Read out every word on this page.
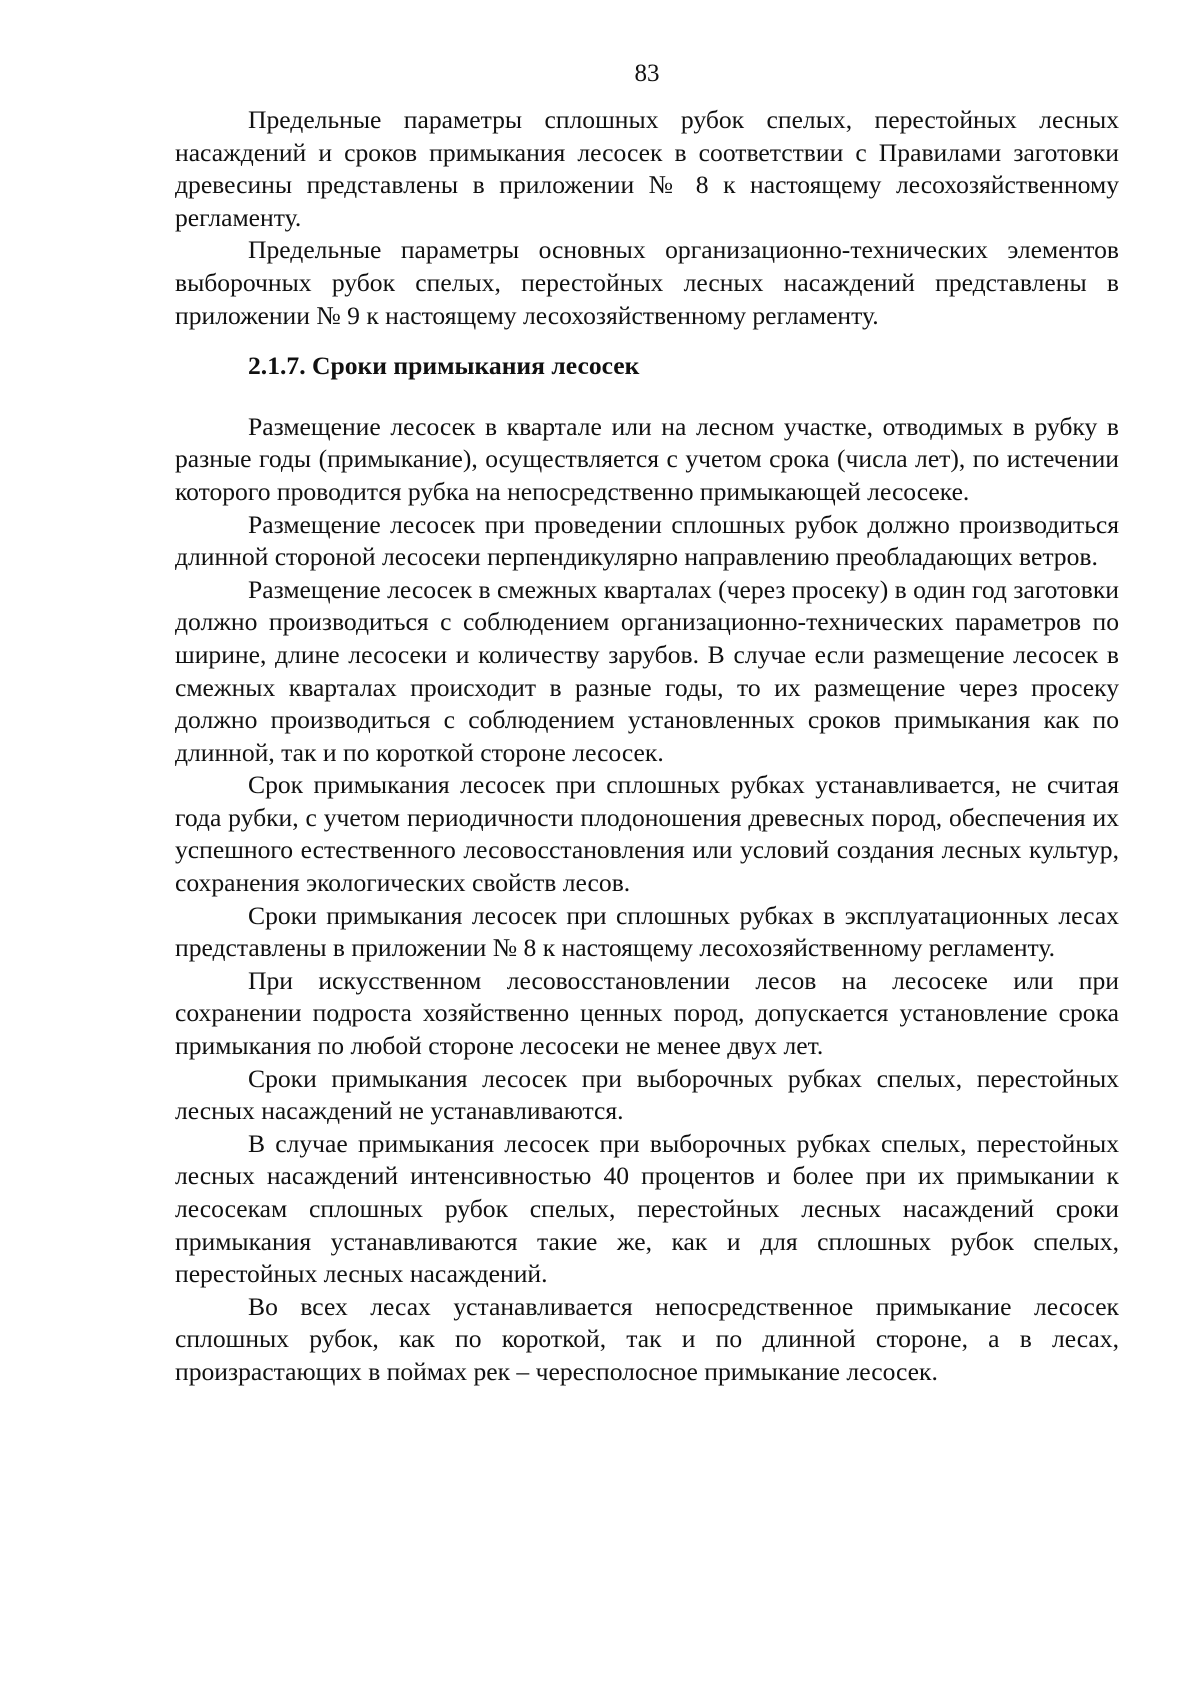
83

Предельные параметры сплошных рубок спелых, перестойных лесных насаждений и сроков примыкания лесосек в соответствии с Правилами заготовки древесины представлены в приложении № 8 к настоящему лесохозяйственному регламенту.

Предельные параметры основных организационно-технических элементов выборочных рубок спелых, перестойных лесных насаждений представлены в приложении № 9 к настоящему лесохозяйственному регламенту.

2.1.7. Сроки примыкания лесосек

Размещение лесосек в квартале или на лесном участке, отводимых в рубку в разные годы (примыкание), осуществляется с учетом срока (числа лет), по истечении которого проводится рубка на непосредственно примыкающей лесосеке.

Размещение лесосек при проведении сплошных рубок должно производиться длинной стороной лесосеки перпендикулярно направлению преобладающих ветров.

Размещение лесосек в смежных кварталах (через просеку) в один год заготовки должно производиться с соблюдением организационно-технических параметров по ширине, длине лесосеки и количеству зарубов. В случае если размещение лесосек в смежных кварталах происходит в разные годы, то их размещение через просеку должно производиться с соблюдением установленных сроков примыкания как по длинной, так и по короткой стороне лесосек.

Срок примыкания лесосек при сплошных рубках устанавливается, не считая года рубки, с учетом периодичности плодоношения древесных пород, обеспечения их успешного естественного лесовосстановления или условий создания лесных культур, сохранения экологических свойств лесов.

Сроки примыкания лесосек при сплошных рубках в эксплуатационных лесах представлены в приложении № 8 к настоящему лесохозяйственному регламенту.

При искусственном лесовосстановлении лесов на лесосеке или при сохранении подроста хозяйственно ценных пород, допускается установление срока примыкания по любой стороне лесосеки не менее двух лет.

Сроки примыкания лесосек при выборочных рубках спелых, перестойных лесных насаждений не устанавливаются.

В случае примыкания лесосек при выборочных рубках спелых, перестойных лесных насаждений интенсивностью 40 процентов и более при их примыкании к лесосекам сплошных рубок спелых, перестойных лесных насаждений сроки примыкания устанавливаются такие же, как и для сплошных рубок спелых, перестойных лесных насаждений.

Во всех лесах устанавливается непосредственное примыкание лесосек сплошных рубок, как по короткой, так и по длинной стороне, а в лесах, произрастающих в поймах рек – чересполосное примыкание лесосек.
